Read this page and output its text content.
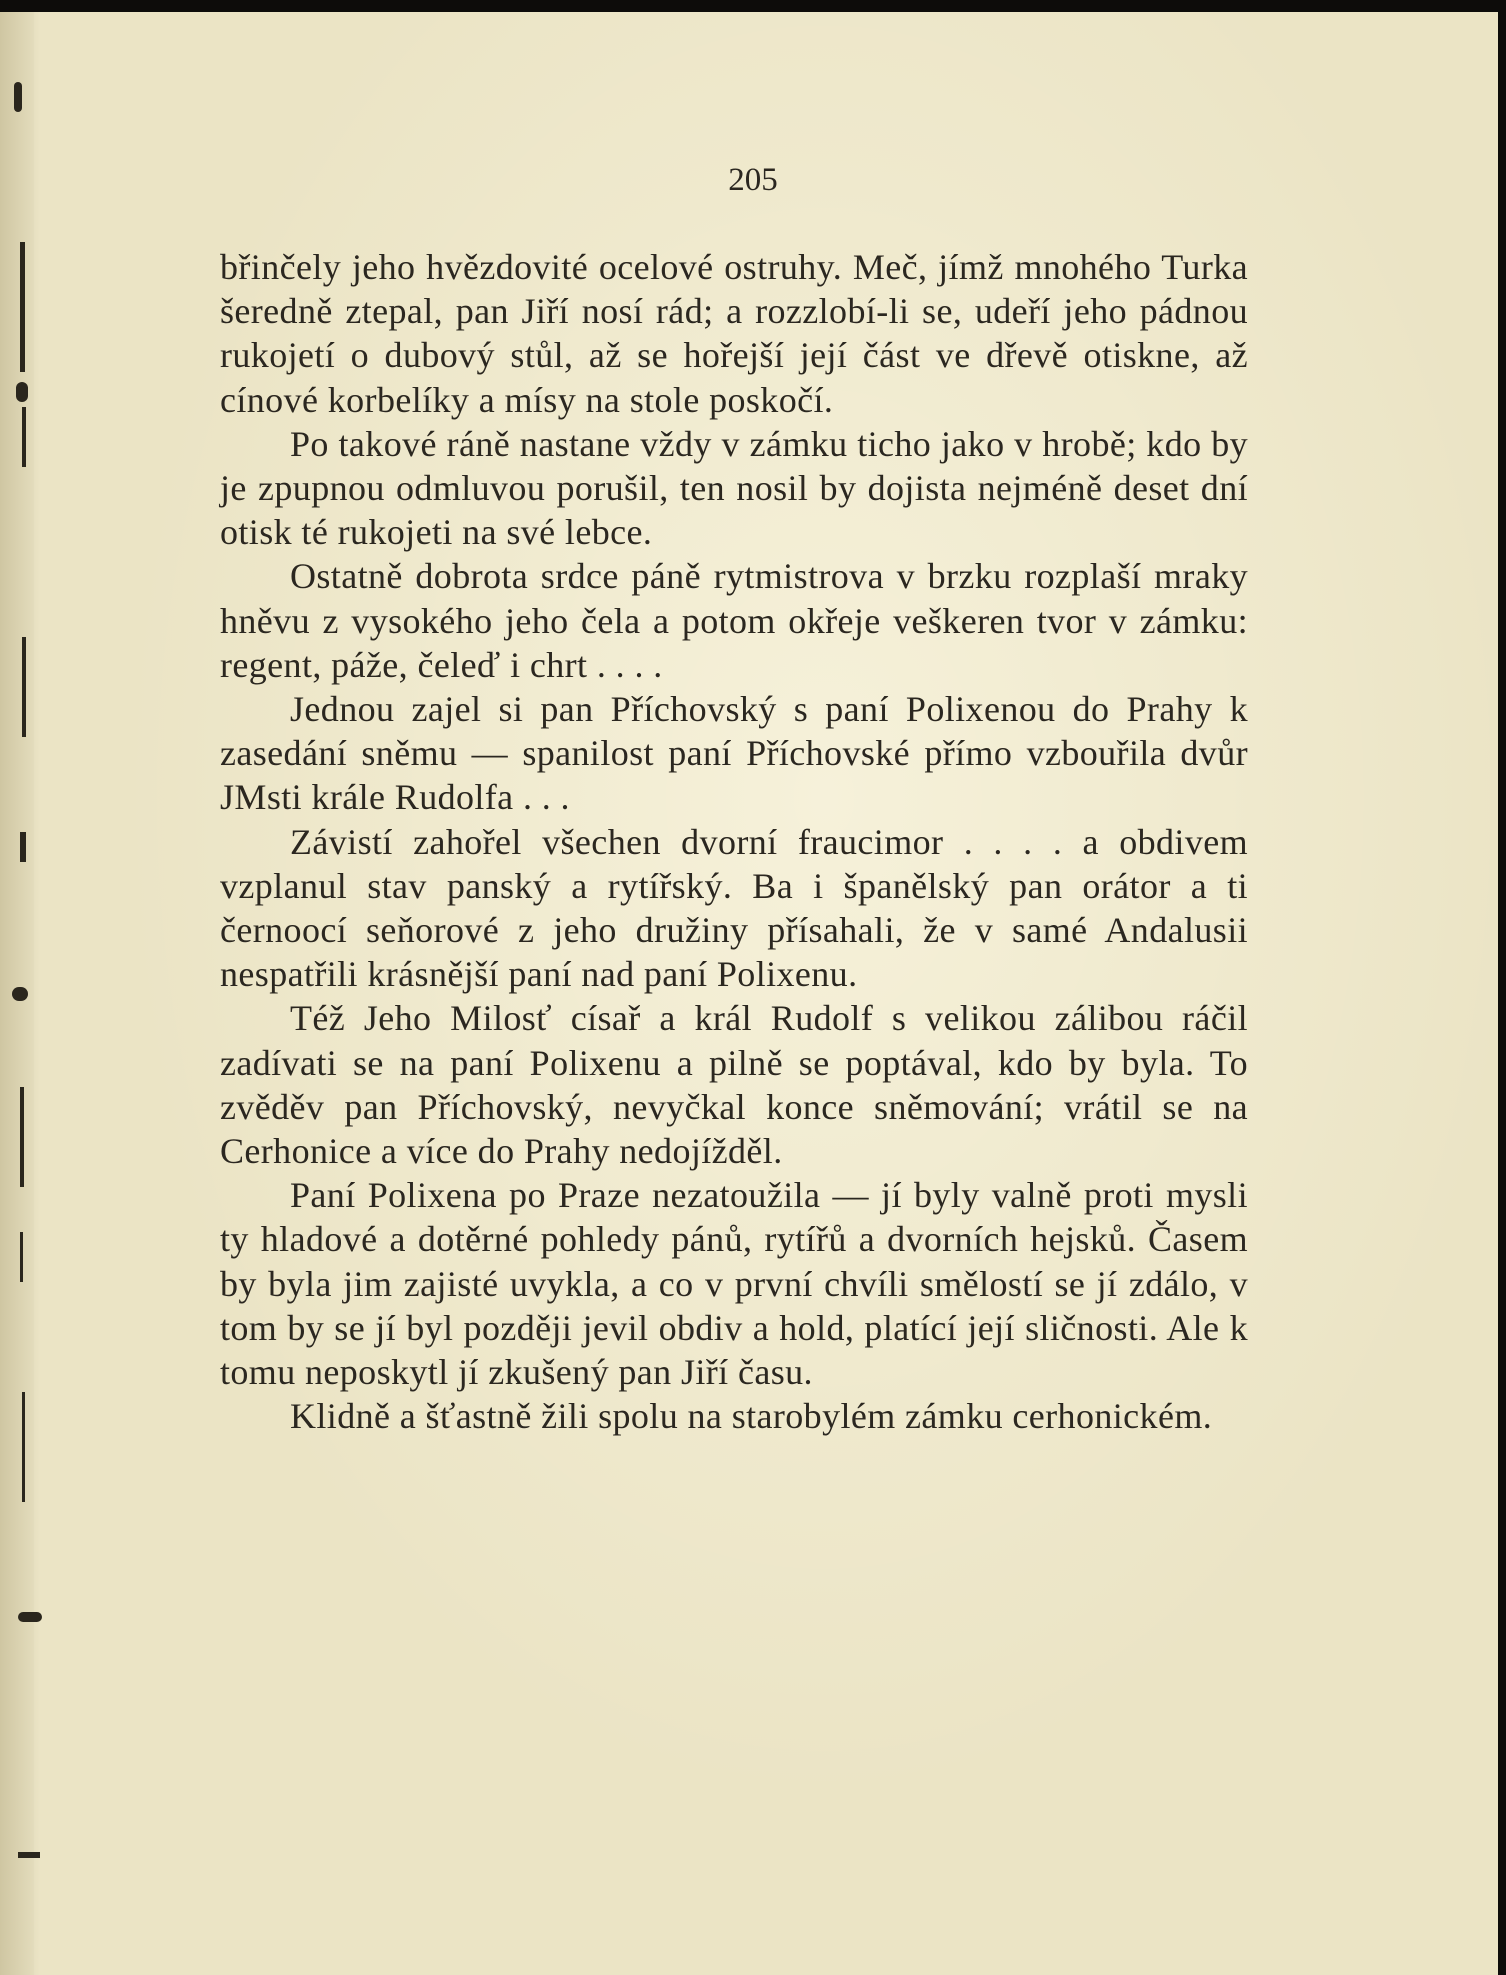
205

břinčely jeho hvězdovité ocelové ostruhy. Meč, jímž mnohého Turka šeredně ztepal, pan Jiří nosí rád; a rozzlobí-li se, udeří jeho pádnou rukojetí o dubový stůl, až se hořejší její část ve dřevě otiskne, až cínové korbelíky a mísy na stole poskočí.

Po takové ráně nastane vždy v zámku ticho jako v hrobě; kdo by je zpupnou odmluvou porušil, ten nosil by dojista nejméně deset dní otisk té rukojeti na své lebce.

Ostatně dobrota srdce páně rytmistrova v brzku rozplaší mraky hněvu z vysokého jeho čela a potom okřeje veškeren tvor v zámku: regent, páže, čeleď i chrt . . . .

Jednou zajel si pan Příchovský s paní Polixenou do Prahy k zasedání sněmu — spanilost paní Příchovské přímo vzbouřila dvůr JMsti krále Rudolfa . . .

Závistí zahořel všechen dvorní fraucimor . . . . a obdivem vzplanul stav panský a rytířský. Ba i španělský pan orátor a ti černoocí seňorové z jeho družiny přísahali, že v samé Andalusii nespatřili krásnější paní nad paní Polixenu.

Též Jeho Milosť císař a král Rudolf s velikou zálibou ráčil zadívati se na paní Polixenu a pilně se poptával, kdo by byla. To zvěděv pan Příchovský, nevyčkal konce sněmování; vrátil se na Cerhonice a více do Prahy nedojížděl.

Paní Polixena po Praze nezatoužila — jí byly valně proti mysli ty hladové a dotěrné pohledy pánů, rytířů a dvorních hejsků. Časem by byla jim zajisté uvykla, a co v první chvíli smělostí se jí zdálo, v tom by se jí byl později jevil obdiv a hold, platící její sličnosti. Ale k tomu neposkytl jí zkušený pan Jiří času.

Klidně a šťastně žili spolu na starobylém zámku cerhonickém.
